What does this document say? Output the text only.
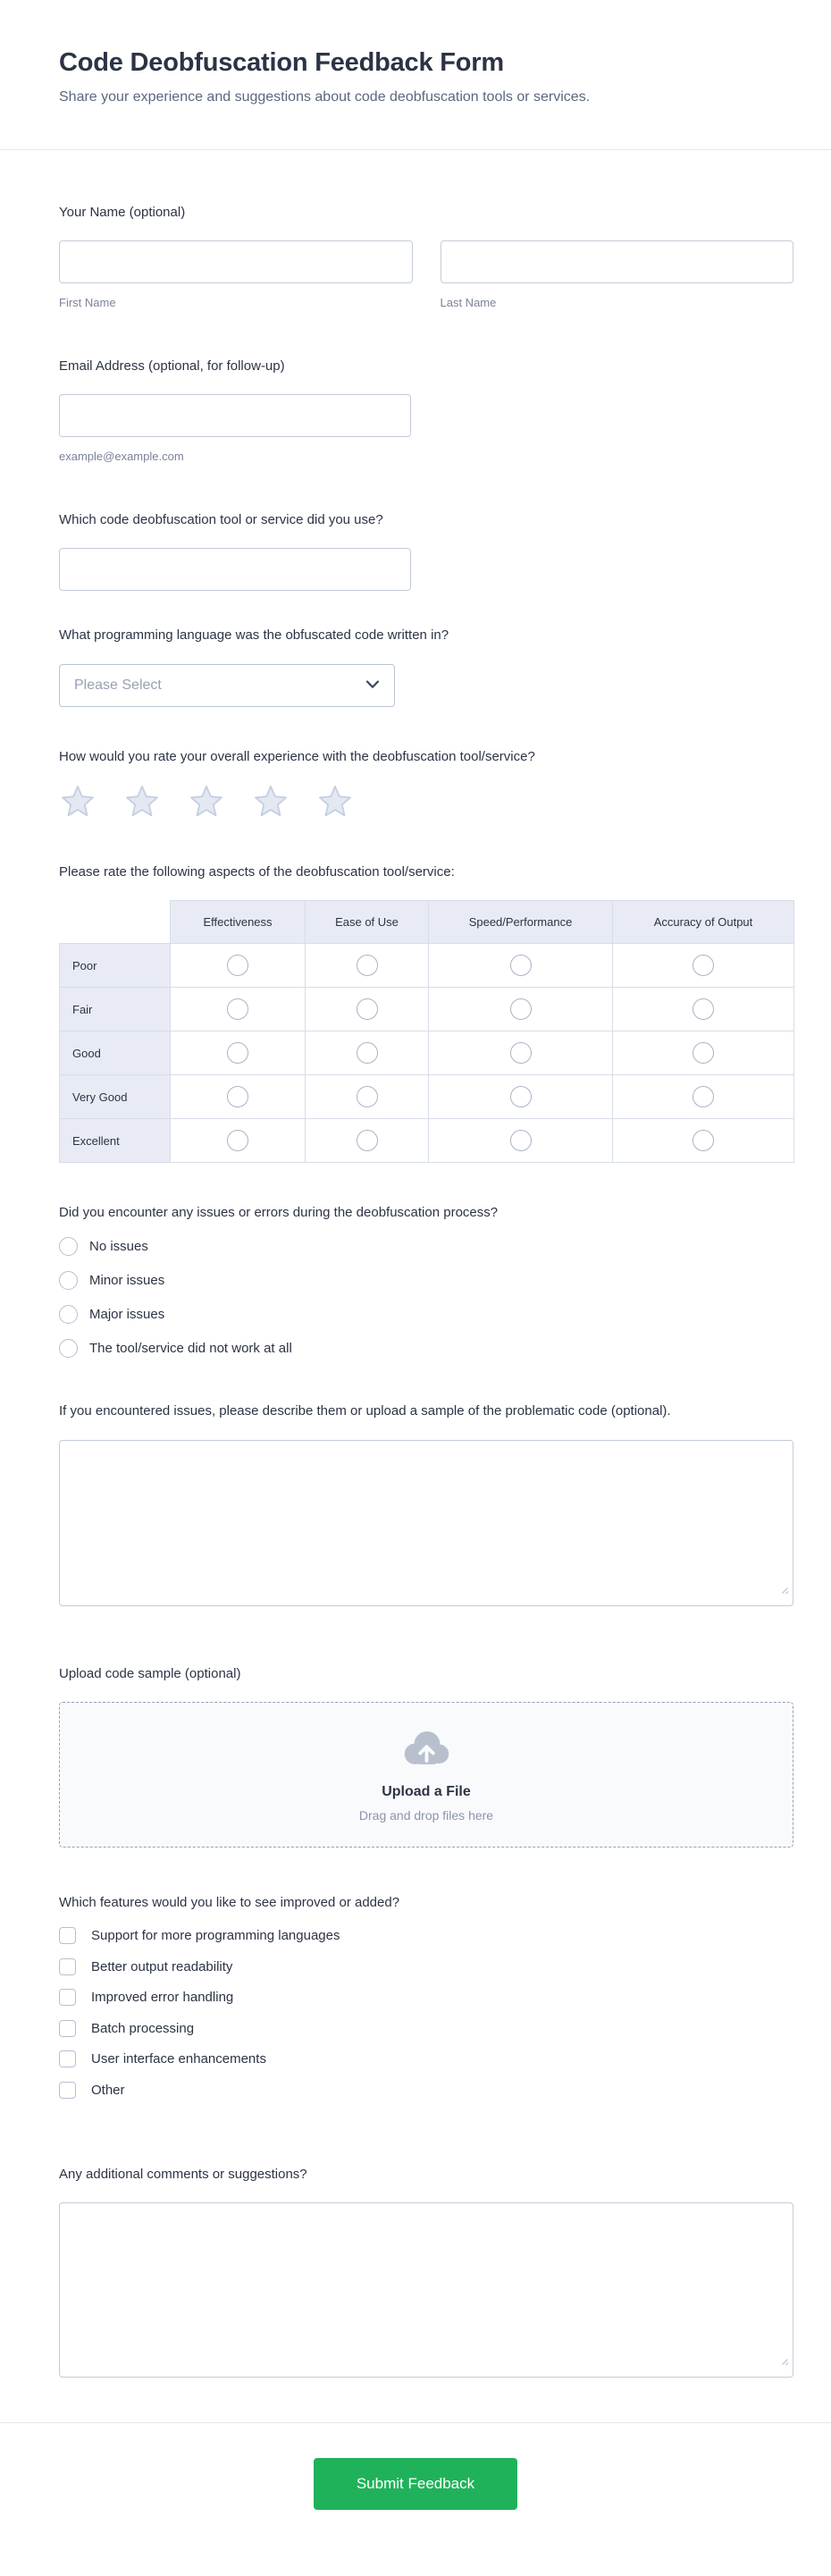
Code Deobfuscation Feedback Form

Share your experience and suggestions about code deobfuscation tools or services.

Your Name (optional)
First Name	Last Name
Email Address (optional, for follow-up)
example@example.com
Which code deobfuscation tool or service did you use?
What programming language was the obfuscated code written in?
Please Select
How would you rate your overall experience with the deobfuscation tool/service?
Please rate the following aspects of the deobfuscation tool/service:
	Effectiveness	Ease of Use	Speed/Performance	Accuracy of Output
Poor				
Fair				
Good				
Very Good				
Excellent				
Did you encounter any issues or errors during the deobfuscation process?
No issues
Minor issues
Major issues
The tool/service did not work at all
If you encountered issues, please describe them or upload a sample of the problematic code (optional).
Upload code sample (optional)
Upload a File
Drag and drop files here
Which features would you like to see improved or added?
Support for more programming languages
Better output readability
Improved error handling
Batch processing
User interface enhancements
Other
Any additional comments or suggestions?
Submit Feedback
